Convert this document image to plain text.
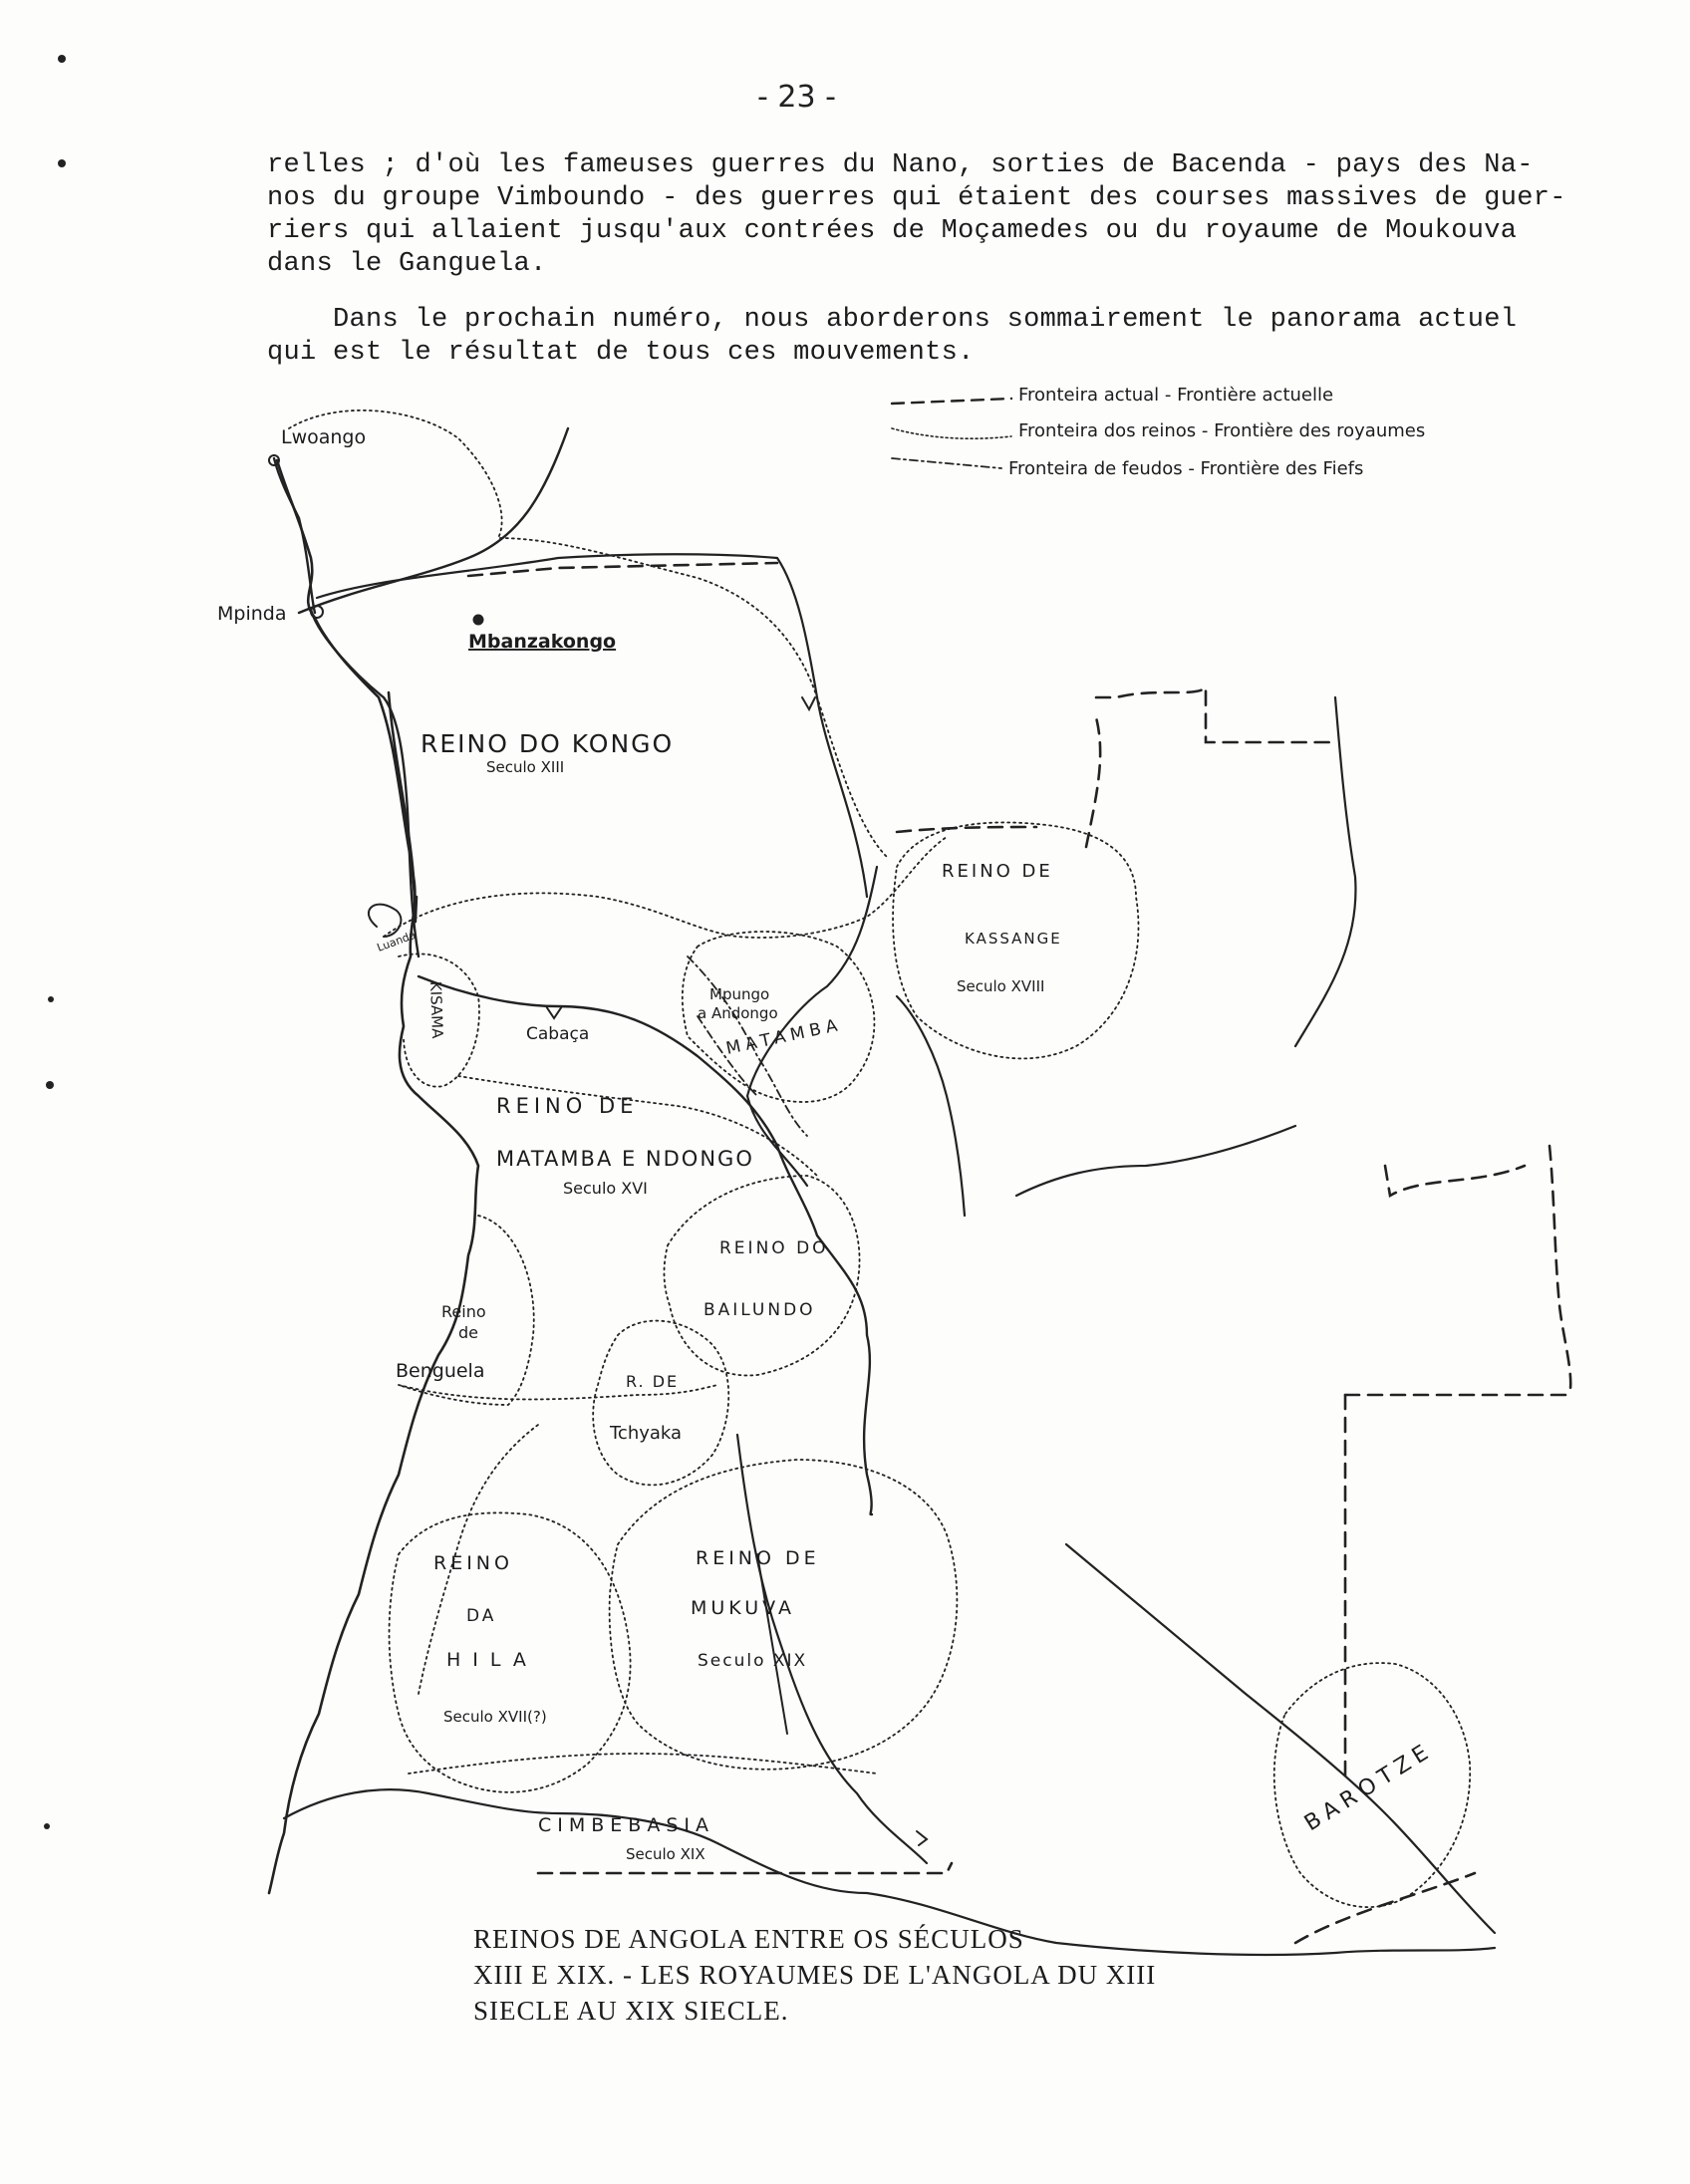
- 23 -
relles ; d'où les fameuses guerres du Nano, sorties de Bacenda - pays des Na-
nos du groupe Vimboundo - des guerres qui étaient des courses massives de guer-
riers qui allaient jusqu'aux contrées de Moçamedes ou du royaume de Moukouva
dans le Ganguela.
Dans le prochain numéro, nous aborderons sommairement le panorama actuel
qui est le résultat de tous ces mouvements.
Fronteira actual - Frontière actuelle
Fronteira dos reinos - Frontière des royaumes
Fronteira de feudos - Frontière des Fiefs
Lwoango
Mpinda
Mbanzakongo
Cabaça
Mpungo
a Andongo
KISAMA
Luanda
REINO DO KONGO
Seculo XIII
REINO DE
KASSANGE
Seculo XVIII
MATAMBA
REINO DE
MATAMBA E NDONGO
Seculo XVI
REINO DO
BAILUNDO
Reino
de
Benguela	R. DE
Tchyaka
REINO
DA
HILA
Seculo XVII(?)
REINO DE
MUKUVA
Seculo XIX
CIMBEBASIA
Seculo XIX
BAROTZE
REINOS DE ANGOLA ENTRE OS SÉCULOS
XIII E XIX. - LES ROYAUMES DE L'ANGOLA DU XIII
SIECLE AU XIX SIECLE.
